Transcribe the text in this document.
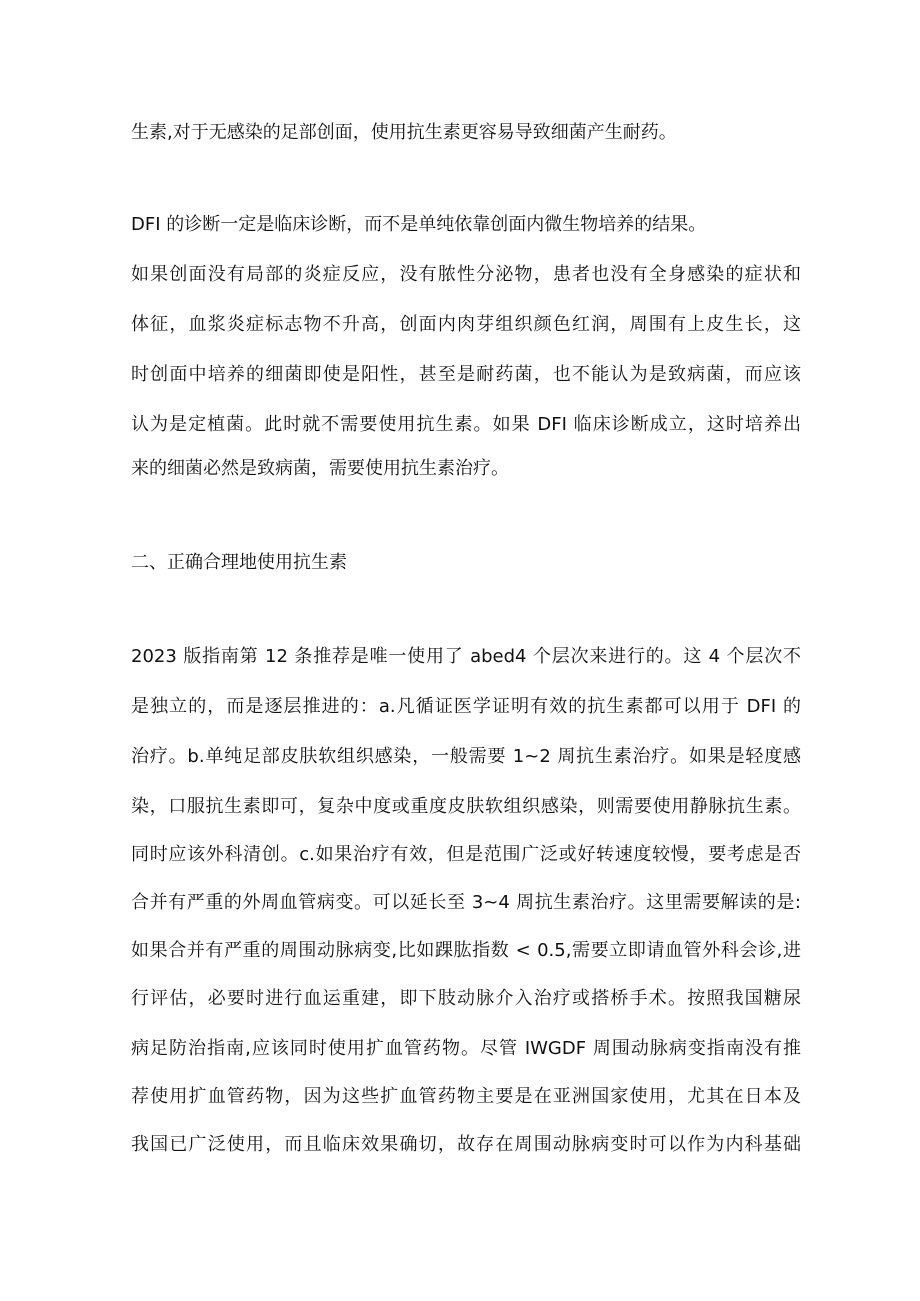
生素,对于无感染的足部创面，使用抗生素更容易导致细菌产生耐药。
DFI 的诊断一定是临床诊断，而不是单纯依靠创面内微生物培养的结果。
如果创面没有局部的炎症反应，没有脓性分泌物，患者也没有全身感染的症状和
体征，血浆炎症标志物不升高，创面内肉芽组织颜色红润，周围有上皮生长，这
时创面中培养的细菌即使是阳性，甚至是耐药菌，也不能认为是致病菌，而应该
认为是定植菌。此时就不需要使用抗生素。如果 DFI 临床诊断成立，这时培养出
来的细菌必然是致病菌，需要使用抗生素治疗。
二、正确合理地使用抗生素
2023 版指南第 12 条推荐是唯一使用了 abed4 个层次来进行的。这 4 个层次不
是独立的，而是逐层推进的：a.凡循证医学证明有效的抗生素都可以用于 DFI 的
治疗。b.单纯足部皮肤软组织感染，一般需要 1~2 周抗生素治疗。如果是轻度感
染，口服抗生素即可，复杂中度或重度皮肤软组织感染，则需要使用静脉抗生素。
同时应该外科清创。c.如果治疗有效，但是范围广泛或好转速度较慢，要考虑是否
合并有严重的外周血管病变。可以延长至 3~4 周抗生素治疗。这里需要解读的是:
如果合并有严重的周围动脉病变,比如踝肱指数 < 0.5,需要立即请血管外科会诊,进
行评估，必要时进行血运重建，即下肢动脉介入治疗或搭桥手术。按照我国糖尿
病足防治指南,应该同时使用扩血管药物。尽管 IWGDF 周围动脉病变指南没有推
荐使用扩血管药物，因为这些扩血管药物主要是在亚洲国家使用，尤其在日本及
我国已广泛使用，而且临床效果确切，故存在周围动脉病变时可以作为内科基础
